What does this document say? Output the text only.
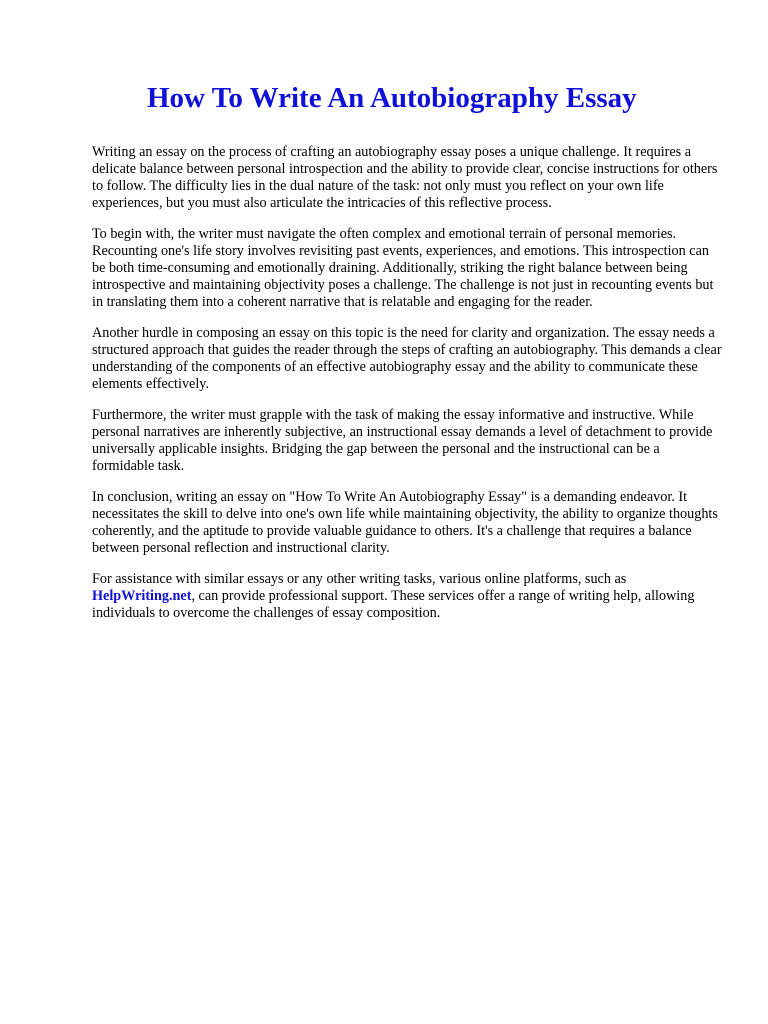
How To Write An Autobiography Essay

Writing an essay on the process of crafting an autobiography essay poses a unique challenge. It requires a delicate balance between personal introspection and the ability to provide clear, concise instructions for others to follow. The difficulty lies in the dual nature of the task: not only must you reflect on your own life experiences, but you must also articulate the intricacies of this reflective process.

To begin with, the writer must navigate the often complex and emotional terrain of personal memories. Recounting one's life story involves revisiting past events, experiences, and emotions. This introspection can be both time-consuming and emotionally draining. Additionally, striking the right balance between being introspective and maintaining objectivity poses a challenge. The challenge is not just in recounting events but in translating them into a coherent narrative that is relatable and engaging for the reader.

Another hurdle in composing an essay on this topic is the need for clarity and organization. The essay needs a structured approach that guides the reader through the steps of crafting an autobiography. This demands a clear understanding of the components of an effective autobiography essay and the ability to communicate these elements effectively.

Furthermore, the writer must grapple with the task of making the essay informative and instructive. While personal narratives are inherently subjective, an instructional essay demands a level of detachment to provide universally applicable insights. Bridging the gap between the personal and the instructional can be a formidable task.

In conclusion, writing an essay on "How To Write An Autobiography Essay" is a demanding endeavor. It necessitates the skill to delve into one's own life while maintaining objectivity, the ability to organize thoughts coherently, and the aptitude to provide valuable guidance to others. It's a challenge that requires a balance between personal reflection and instructional clarity.

For assistance with similar essays or any other writing tasks, various online platforms, such as HelpWriting.net, can provide professional support. These services offer a range of writing help, allowing individuals to overcome the challenges of essay composition.
